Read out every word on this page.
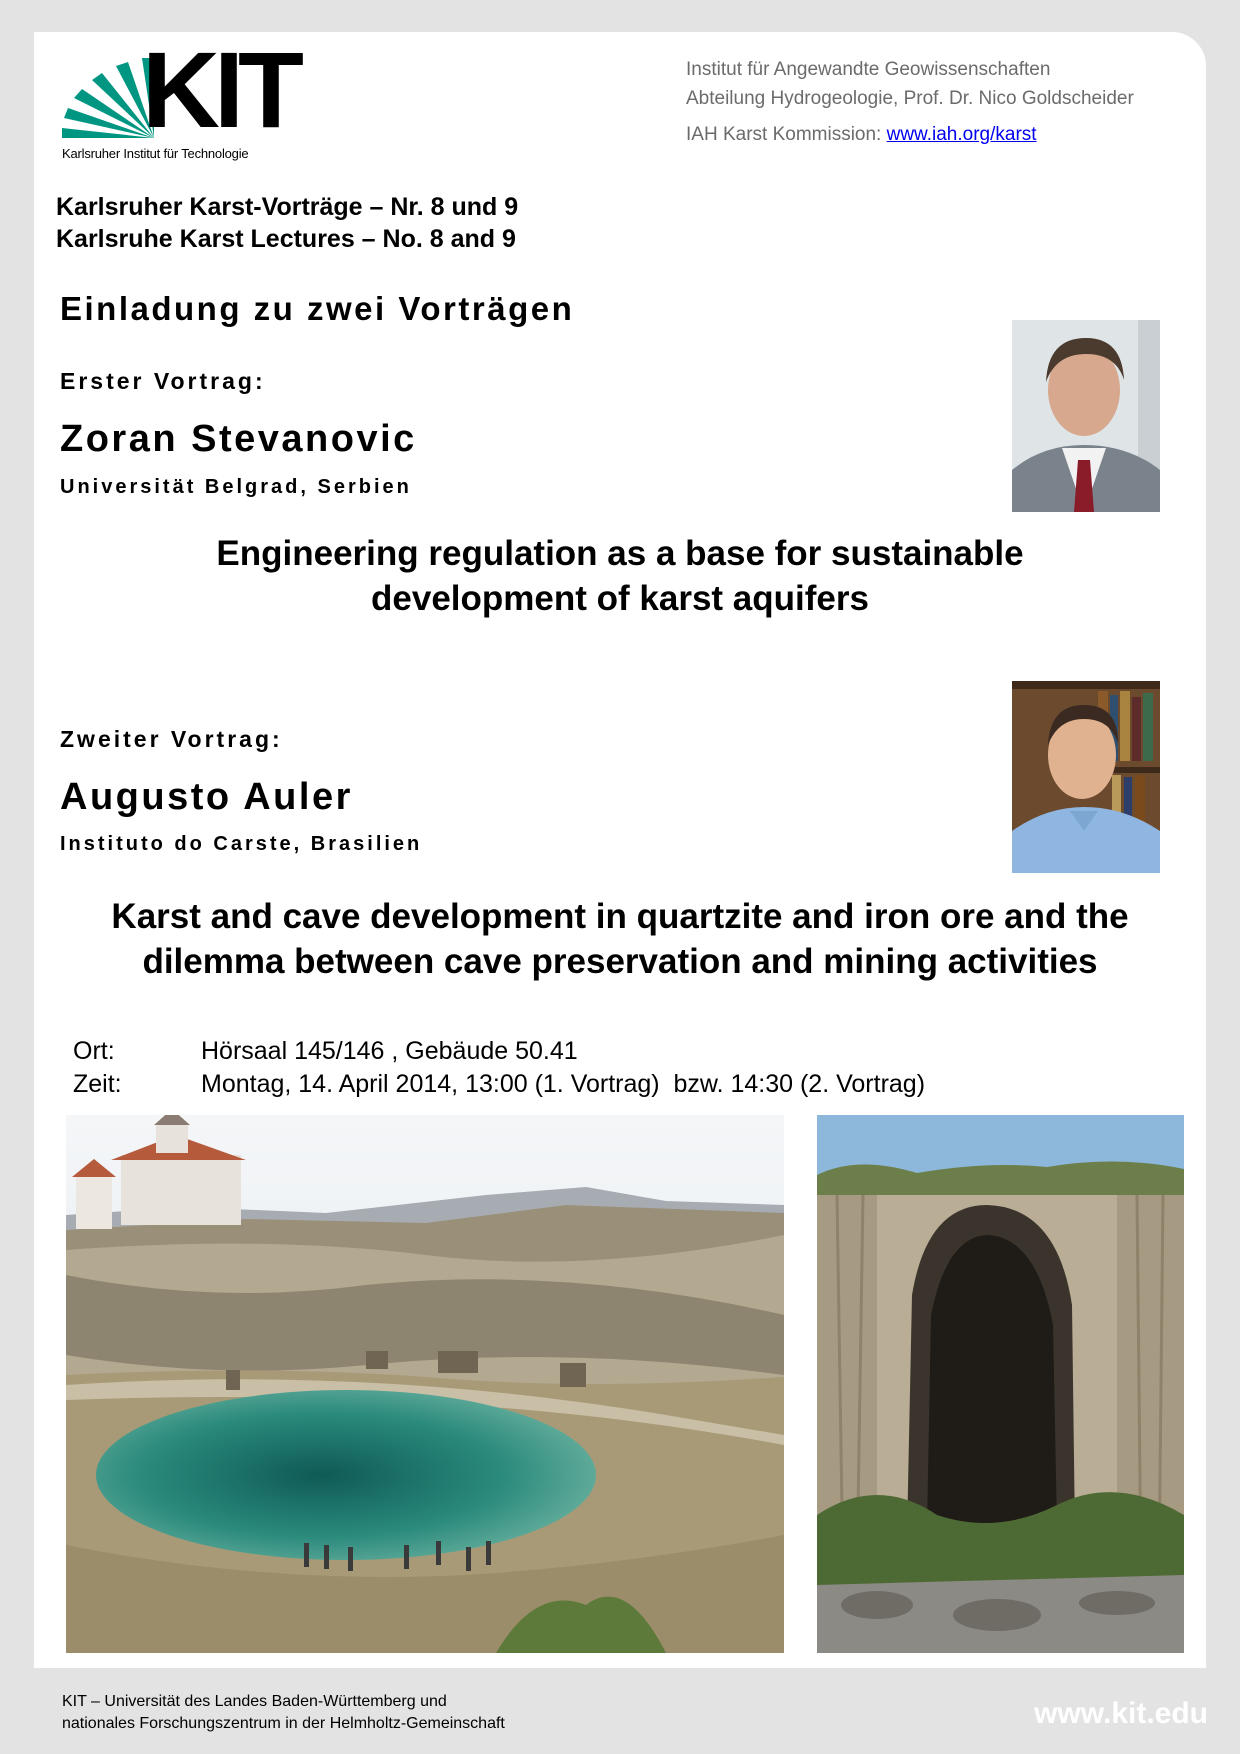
KIT
Karlsruher Institut für Technologie
Institut für Angewandte Geowissenschaften
Abteilung Hydrogeologie, Prof. Dr. Nico Goldscheider
IAH Karst Kommission: www.iah.org/karst
Karlsruher Karst-Vorträge – Nr. 8 und 9
Karlsruhe Karst Lectures – No. 8 and 9
Einladung zu zwei Vorträgen
Erster Vortrag:
Zoran Stevanovic
Universität Belgrad, Serbien
Engineering regulation as a base for sustainable
development of karst aquifers
Zweiter Vortrag:
Augusto Auler
Instituto do Carste, Brasilien
Karst and cave development in quartzite and iron ore and the
dilemma between cave preservation and mining activities
Ort:	Hörsaal 145/146 , Gebäude 50.41
Zeit:	Montag, 14. April 2014, 13:00 (1. Vortrag)  bzw. 14:30 (2. Vortrag)
KIT – Universität des Landes Baden-Württemberg und
nationales Forschungszentrum in der Helmholtz-Gemeinschaft	www.kit.edu
